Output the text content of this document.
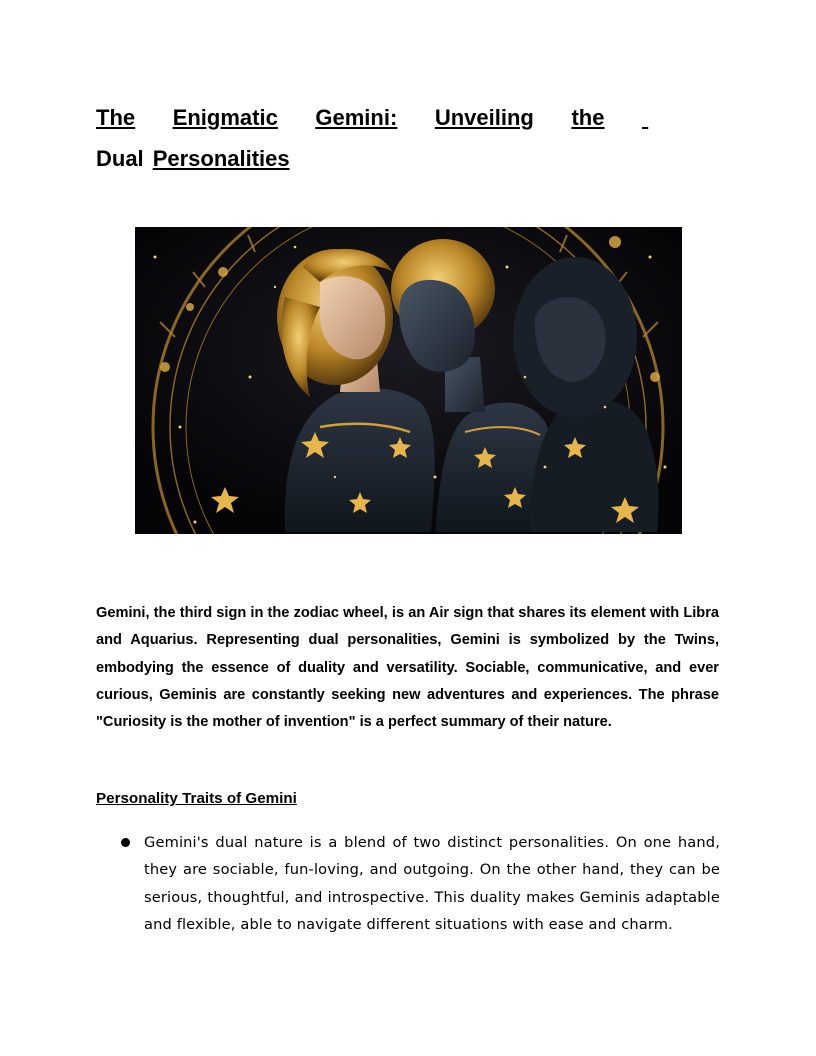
The Enigmatic Gemini: Unveiling the

Dual Personalities

Gemini, the third sign in the zodiac wheel, is an Air sign that shares its element with Libra and Aquarius. Representing dual personalities, Gemini is symbolized by the Twins, embodying the essence of duality and versatility. Sociable, communicative, and ever curious, Geminis are constantly seeking new adventures and experiences. The phrase "Curiosity is the mother of invention" is a perfect summary of their nature.

Personality Traits of Gemini
Gemini's dual nature is a blend of two distinct personalities. On one hand, they are sociable, fun-loving, and outgoing. On the other hand, they can be serious, thoughtful, and introspective. This duality makes Geminis adaptable and flexible, able to navigate different situations with ease and charm.
